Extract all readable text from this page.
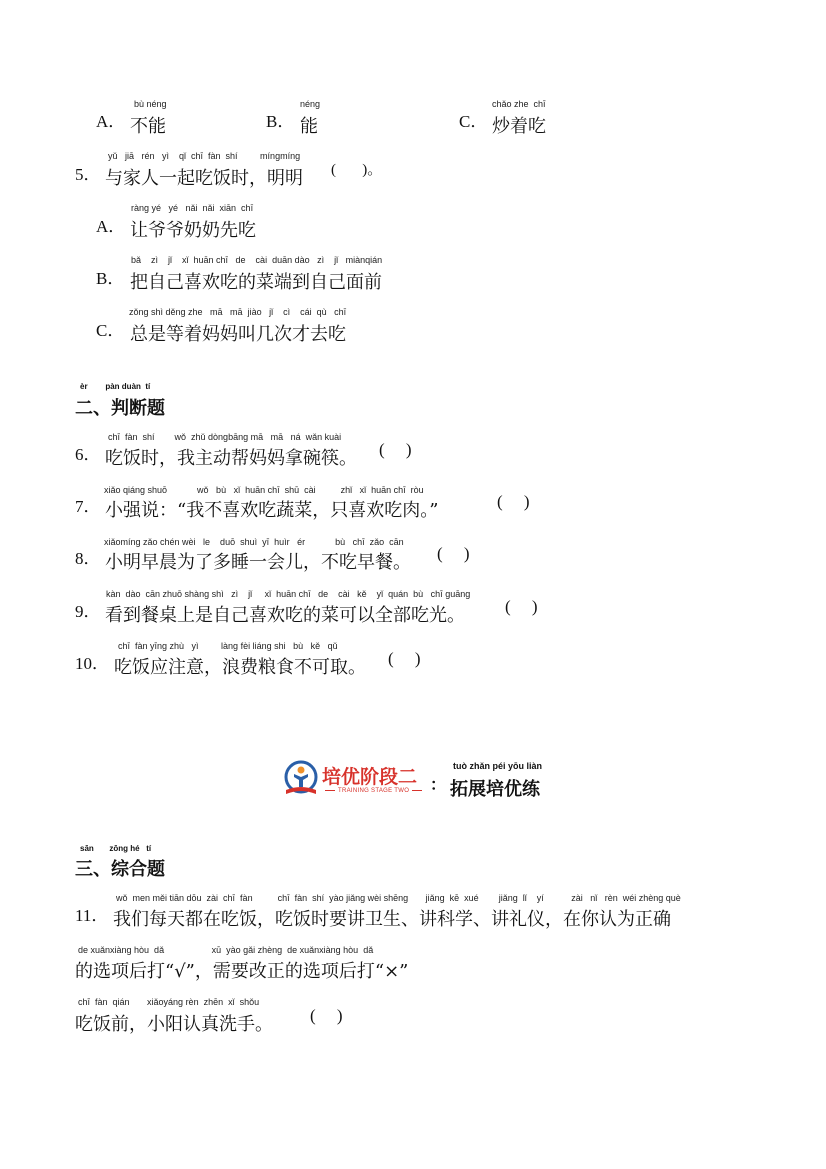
A．
bù néng
不能	B．
néng
能	C．
chǎo zhe  chī
炒着吃
5．
yǔ   jiā   rén   yì    qǐ  chī  fàn  shí         míngmíng
与家人一起吃饭时，明明 (       )。
A．
ràng yé   yé   nǎi  nǎi  xiān  chī
让爷爷奶奶先吃
B．
bǎ    zì    jǐ    xǐ  huān chī   de    cài  duān dào   zì    jǐ   miànqián
把自己喜欢吃的菜端到自己面前
C．
zǒng shì děng zhe   mā   mā  jiào   jǐ    cì    cái  qù   chī
总是等着妈妈叫几次才去吃
èr        pàn duàn  tí
二、判断题
6．
chī  fàn  shí        wǒ  zhǔ dòngbāng mā   mā   ná  wǎn kuài
吃饭时，我主动帮妈妈拿碗筷。 (     )
7．
xiǎo qiáng shuō            wǒ   bù   xǐ  huān chī  shū  cài          zhǐ   xǐ  huān chī  ròu
小强说：“我不喜欢吃蔬菜，只喜欢吃肉。”	(     )
8．
xiǎomíng zǎo chén wèi   le    duō  shuì  yī  huìr   ér            bù   chī  zǎo  cān
小明早晨为了多睡一会儿，不吃早餐。 (     )
9．
kàn  dào  cān zhuō shàng shì   zì    jǐ     xǐ  huān chī   de    cài   kě    yǐ  quán  bù   chī guāng
看到餐桌上是自己喜欢吃的菜可以全部吃光。 (     )
10．
chī  fàn yīng zhù   yì         làng fèi liáng shi   bù   kě   qǔ
吃饭应注意，浪费粮食不可取。 (     )
培优阶段二
TRAINING STAGE TWO	：
tuò zhǎn péi yōu liàn
拓展培优练
sān       zōng hé   tí
三、综合题
11．
wǒ  men měi tiān dōu  zài  chī  fàn          chī  fàn  shí  yào jiǎng wèi shēng       jiǎng  kē  xué        jiǎng  lǐ    yí           zài   nǐ   rèn  wéi zhèng què
我们每天都在吃饭，吃饭时要讲卫生、讲科学、讲礼仪，在你认为正确
de xuǎnxiàng hòu  dǎ                   xū  yào gǎi zhèng  de xuǎnxiàng hòu  dǎ
的选项后打“√”，需要改正的选项后打“×”
chī  fàn  qián       xiǎoyáng rèn  zhēn  xǐ  shǒu
吃饭前，小阳认真洗手。 (     )
